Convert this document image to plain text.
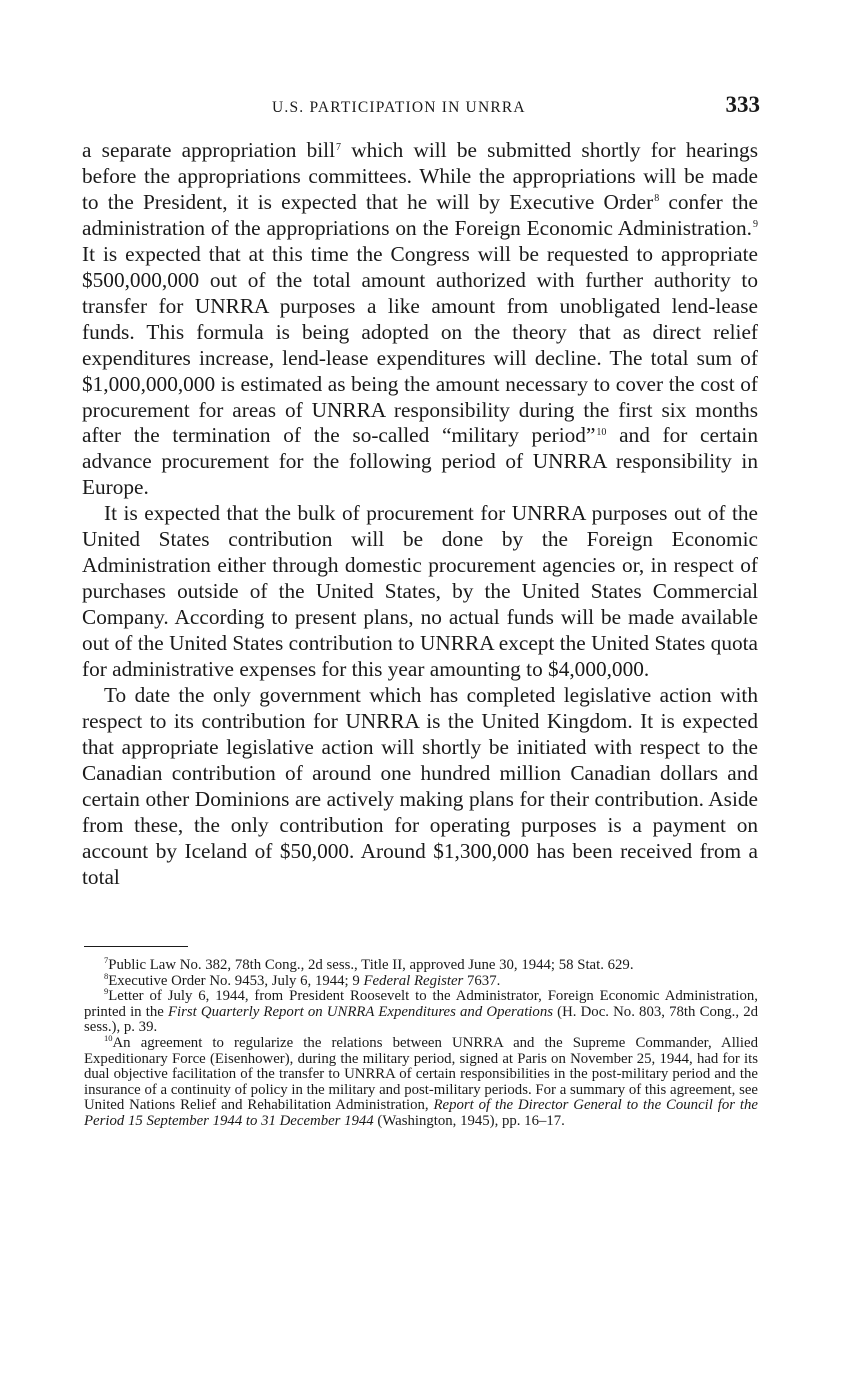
U.S. PARTICIPATION IN UNRRA	333

a separate appropriation bill$^7$ which will be submitted shortly for hearings before the appropriations committees. While the appropriations will be made to the President, it is expected that he will by Executive Order$^8$ confer the administration of the appropriations on the Foreign Economic Administration.$^9$ It is expected that at this time the Congress will be requested to appropriate $500,000,000 out of the total amount authorized with further authority to transfer for UNRRA purposes a like amount from unobligated lend-lease funds. This formula is being adopted on the theory that as direct relief expenditures increase, lend-lease expenditures will decline. The total sum of $1,000,000,000 is estimated as being the amount necessary to cover the cost of procurement for areas of UNRRA responsibility during the first six months after the termination of the so-called “military period”$^{10}$ and for certain advance procurement for the following period of UNRRA responsibility in Europe.

It is expected that the bulk of procurement for UNRRA purposes out of the United States contribution will be done by the Foreign Economic Administration either through domestic procurement agencies or, in respect of purchases outside of the United States, by the United States Commercial Company. According to present plans, no actual funds will be made available out of the United States contribution to UNRRA except the United States quota for administrative expenses for this year amounting to $4,000,000.

To date the only government which has completed legislative action with respect to its contribution for UNRRA is the United Kingdom. It is expected that appropriate legislative action will shortly be initiated with respect to the Canadian contribution of around one hundred million Canadian dollars and certain other Dominions are actively making plans for their contribution. Aside from these, the only contribution for operating purposes is a payment on account by Iceland of $50,000. Around $1,300,000 has been received from a total

$^7$Public Law No. 382, 78th Cong., 2d sess., Title II, approved June 30, 1944; 58 Stat. 629.

$^8$Executive Order No. 9453, July 6, 1944; 9 Federal Register 7637.

$^9$Letter of July 6, 1944, from President Roosevelt to the Administrator, Foreign Economic Administration, printed in the First Quarterly Report on UNRRA Expenditures and Operations (H. Doc. No. 803, 78th Cong., 2d sess.), p. 39.

$^{10}$An agreement to regularize the relations between UNRRA and the Supreme Commander, Allied Expeditionary Force (Eisenhower), during the military period, signed at Paris on November 25, 1944, had for its dual objective facilitation of the transfer to UNRRA of certain responsibilities in the post-military period and the insurance of a continuity of policy in the military and post-military periods. For a summary of this agreement, see United Nations Relief and Rehabilitation Administration, Report of the Director General to the Council for the Period 15 September 1944 to 31 December 1944 (Washington, 1945), pp. 16–17.
